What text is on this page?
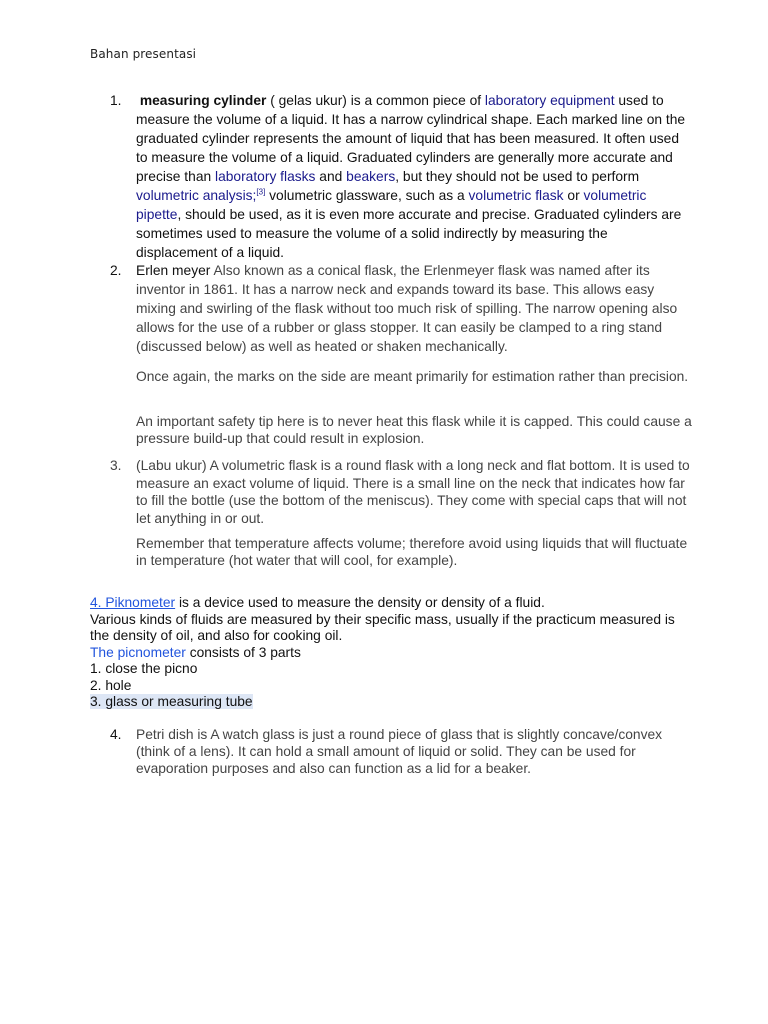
Bahan presentasi
1.	measuring cylinder ( gelas ukur) is a common piece of laboratory equipment used to measure the volume of a liquid. It has a narrow cylindrical shape. Each marked line on the graduated cylinder represents the amount of liquid that has been measured. It often used to measure the volume of a liquid. Graduated cylinders are generally more accurate and precise than laboratory flasks and beakers, but they should not be used to perform volumetric analysis;[3] volumetric glassware, such as a volumetric flask or volumetric pipette, should be used, as it is even more accurate and precise. Graduated cylinders are sometimes used to measure the volume of a solid indirectly by measuring the displacement of a liquid.
2.	Erlen meyer Also known as a conical flask, the Erlenmeyer flask was named after its inventor in 1861. It has a narrow neck and expands toward its base. This allows easy mixing and swirling of the flask without too much risk of spilling. The narrow opening also allows for the use of a rubber or glass stopper. It can easily be clamped to a ring stand (discussed below) as well as heated or shaken mechanically.
Once again, the marks on the side are meant primarily for estimation rather than precision.
An important safety tip here is to never heat this flask while it is capped. This could cause a pressure build-up that could result in explosion.
3.	(Labu ukur) A volumetric flask is a round flask with a long neck and flat bottom. It is used to measure an exact volume of liquid. There is a small line on the neck that indicates how far to fill the bottle (use the bottom of the meniscus). They come with special caps that will not let anything in or out.
Remember that temperature affects volume; therefore avoid using liquids that will fluctuate in temperature (hot water that will cool, for example).
4. Piknometer is a device used to measure the density or density of a fluid.
Various kinds of fluids are measured by their specific mass, usually if the practicum measured is the density of oil, and also for cooking oil.
The picnometer consists of 3 parts
1. close the picno
2. hole
3. glass or measuring tube
4.	Petri dish is A watch glass is just a round piece of glass that is slightly concave/convex (think of a lens). It can hold a small amount of liquid or solid. They can be used for evaporation purposes and also can function as a lid for a beaker.
